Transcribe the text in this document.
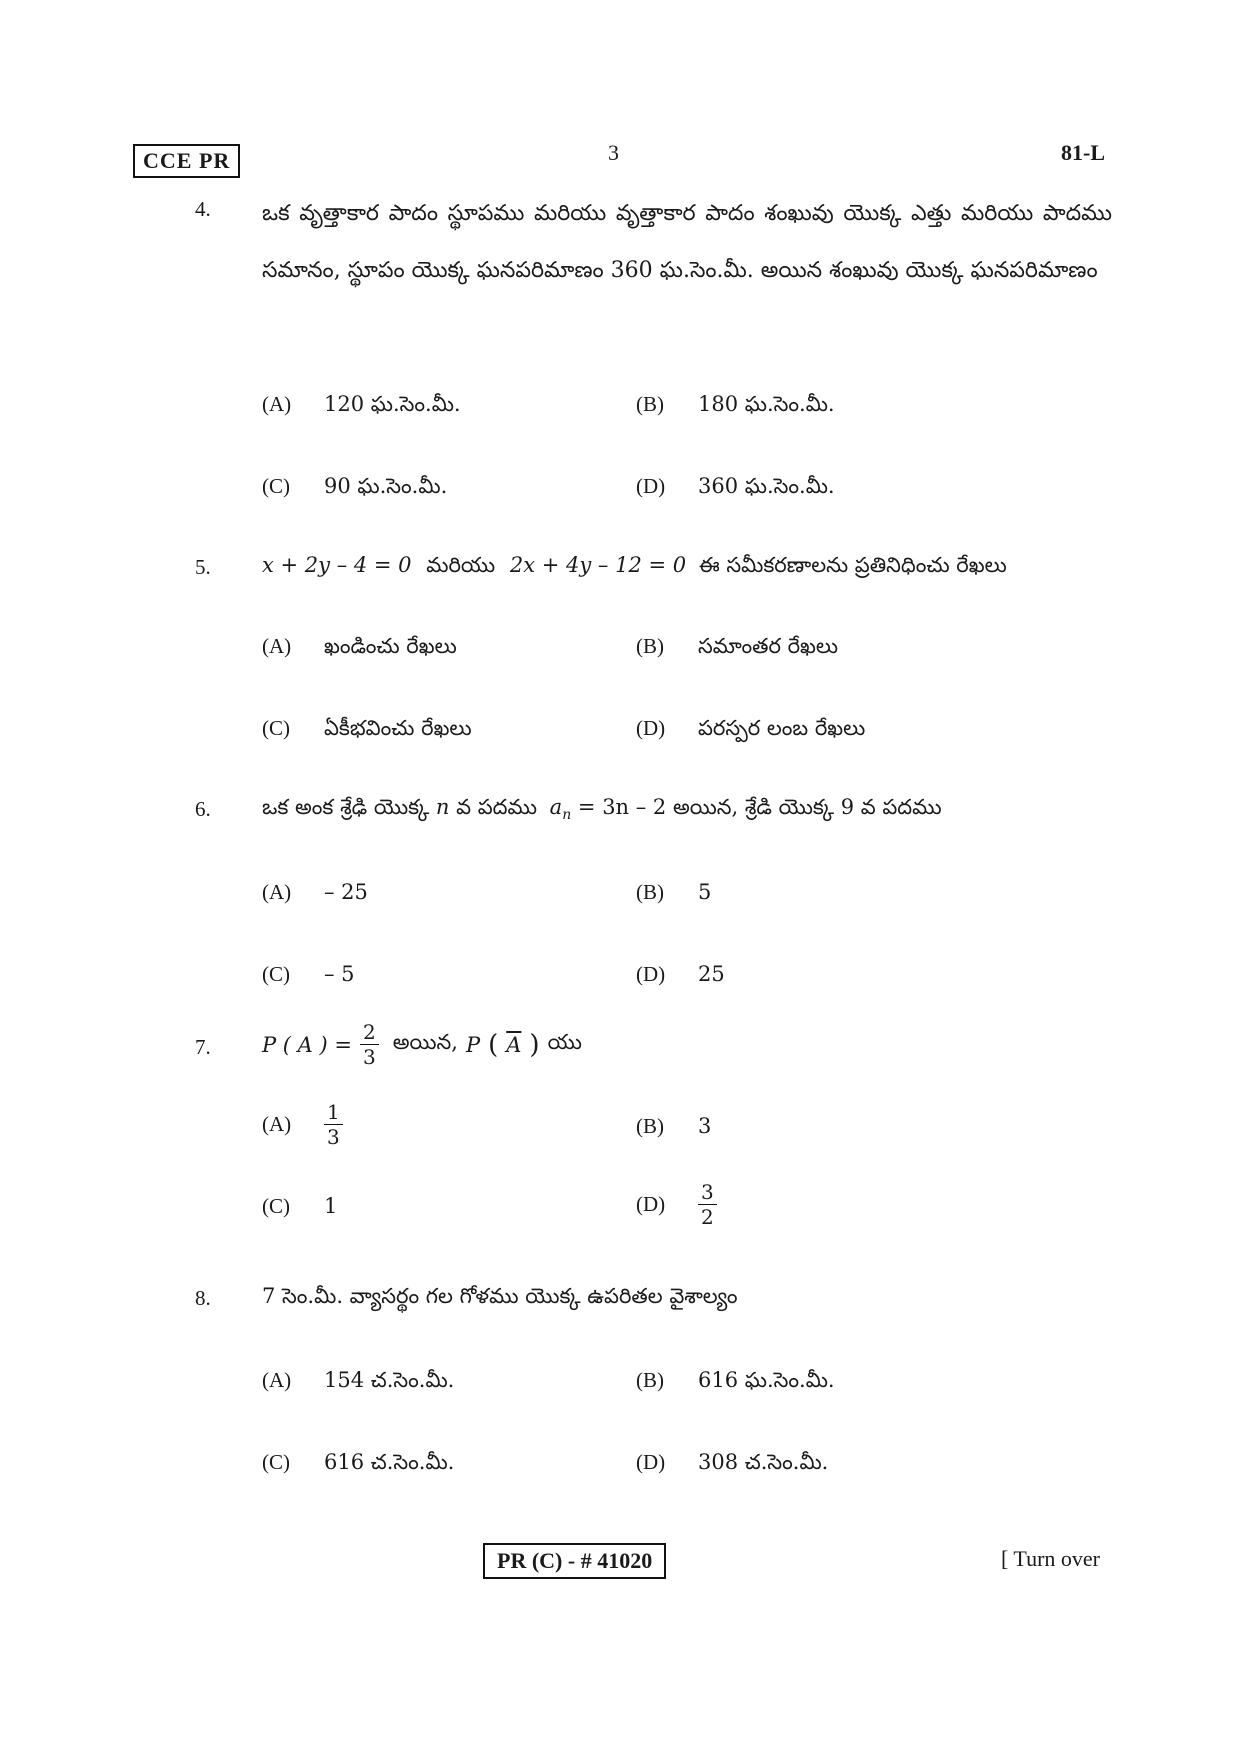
CCE PR	3	81-L
4. ఒక వృత్తాకార పాదం స్థూపము మరియు వృత్తాకార పాదం శంఖువు యొక్క ఎత్తు మరియు పాదము సమానం, స్థూపం యొక్క ఘనపరిమాణం 360 ఘ.సెం.మీ. అయిన శంఖువు యొక్క ఘనపరిమాణం
(A) 120 ఘ.సెం.మీ.	(B) 180 ఘ.సెం.మీ.
(C) 90 ఘ.సెం.మీ.	(D) 360 ఘ.సెం.మీ.
5. x + 2y – 4 = 0 మరియు 2x + 4y – 12 = 0 ఈ సమీకరణాలను ప్రతినిధించు రేఖలు
(A) ఖండించు రేఖలు	(B) సమాంతర రేఖలు
(C) ఏకీభవించు రేఖలు	(D) పరస్పర లంబ రేఖలు
6. ఒక అంక శ్రేఢి యొక్క n వ పదము $a_n = 3n - 2$ అయిన, శ్రేడి యొక్క 9 వ పదము
(A) – 25	(B) 5
(C) – 5	(D) 25
7. P ( A ) = $\frac{2}{3}$ అయిన, P ( $\overline{A}$ ) యు
(A)	$\frac{1}{3}$	(B) 3
(C) 1	(D)	$\frac{3}{2}$
8. 7 సెం.మీ. వ్యాసర్థం గల గోళము యొక్క ఉపరితల వైశాల్యం
(A) 154 చ.సెం.మీ.	(B) 616 ఘ.సెం.మీ.
(C) 616 చ.సెం.మీ.	(D) 308 చ.సెం.మీ.
PR (C) - # 41020	[ Turn over
